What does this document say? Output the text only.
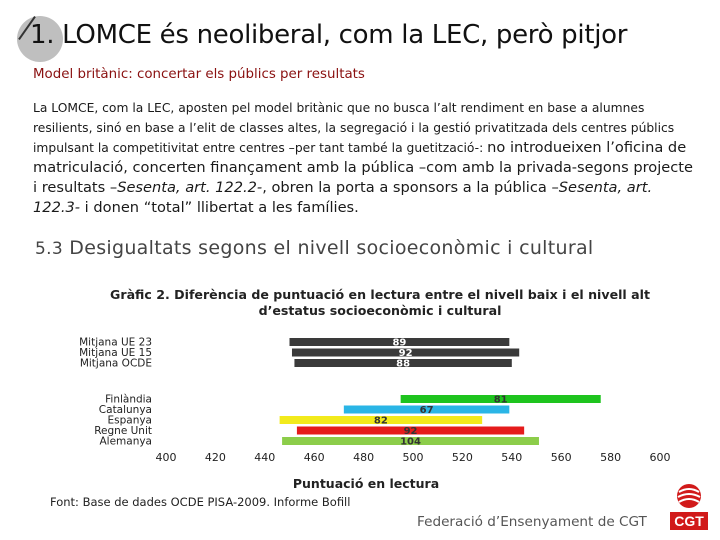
1. LOMCE és neoliberal, com la LEC, però pitjor
Model britànic: concertar els públics per resultats
La LOMCE, com la LEC, aposten pel model britànic que no busca l’alt rendiment en base a alumnes resilients, sinó en base a l’elit de classes altes, la segregació i la gestió privatitzada dels centres públics impulsant la competitivitat entre centres –per tant també la guetització-: no introdueixen l’oficina de matriculació, concerten finançament amb la pública –com amb la privada-segons projecte i resultats –Sesenta, art. 122.2-, obren la porta a sponsors a la pública –Sesenta, art. 122.3- i donen “total” llibertat a les famílies.
5.3 Desigualtats segons el nivell socioeconòmic i cultural
Gràfic 2. Diferència de puntuació en lectura entre el nivell baix i el nivell alt
d’estatus socioeconòmic i cultural
Mitjana UE 23	89
Mitjana UE 15	92
Mitjana OCDE	88
Finlàndia	81
Catalunya	67
Espanya	82
Regne Unit	92
Alemanya	104
400	420	440	460	480	500	520	540	560	580	600
Puntuació en lectura
Font: Base de dades OCDE PISA-2009. Informe Bofill
Federació d’Ensenyament de CGT CGT
